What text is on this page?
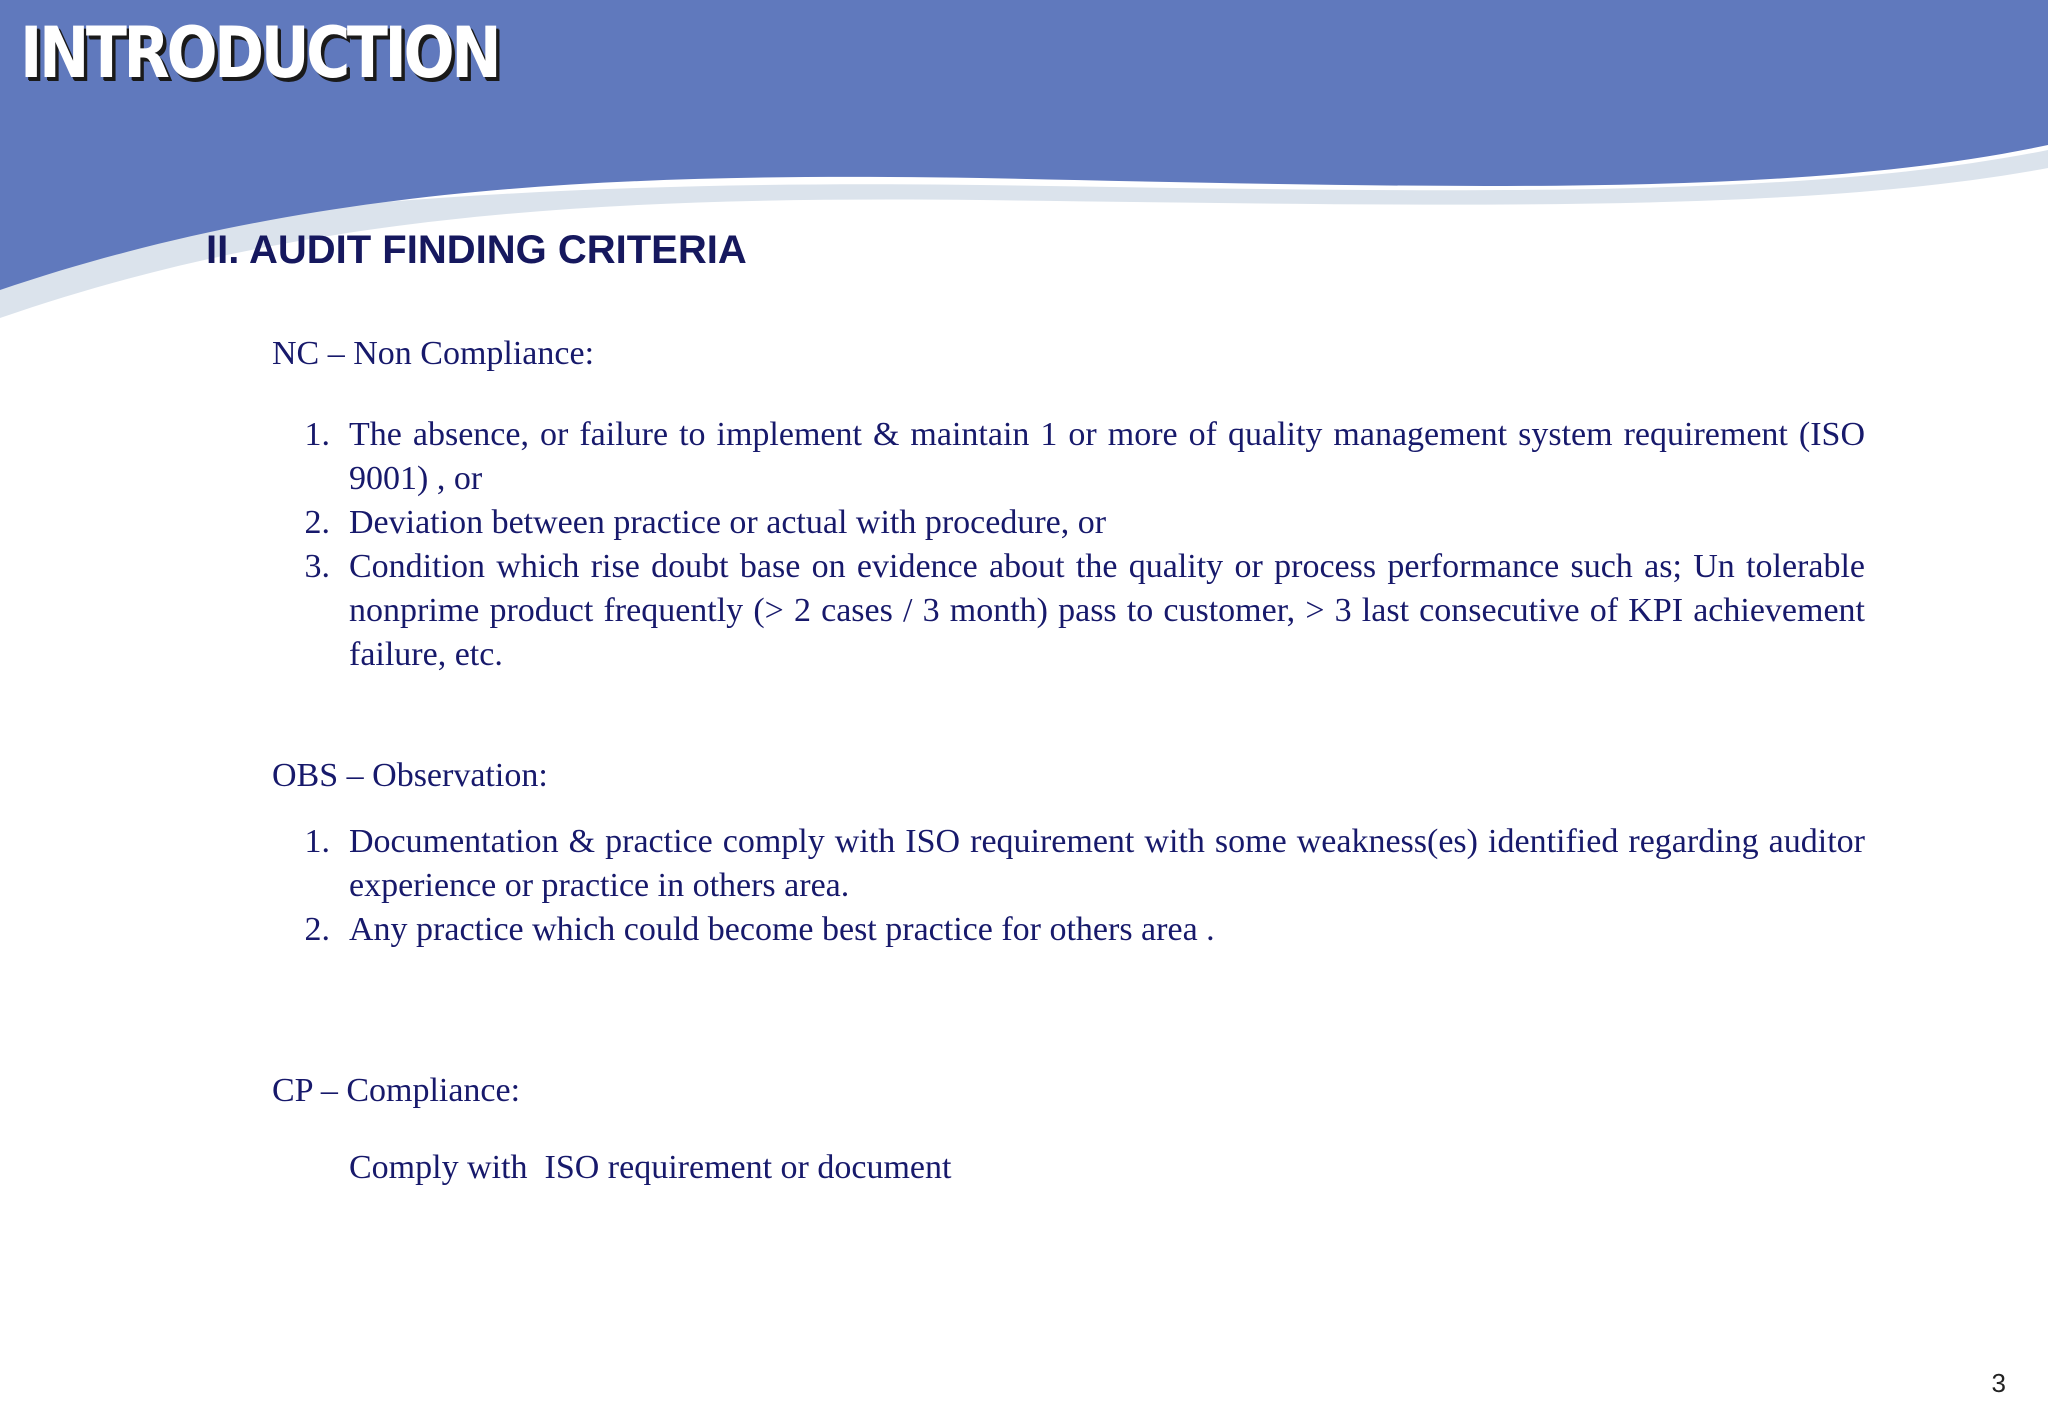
INTRODUCTION
II. AUDIT FINDING CRITERIA

NC – Non Compliance:

1. The absence, or failure to implement & maintain 1 or more of quality management system requirement (ISO 9001) , or
2. Deviation between practice or actual with procedure, or
3. Condition which rise doubt base on evidence about the quality or process performance such as; Un tolerable nonprime product frequently (> 2 cases / 3 month) pass to customer, > 3 last consecutive of KPI achievement failure, etc.

OBS – Observation:

1. Documentation & practice comply with ISO requirement with some weakness(es) identified regarding auditor experience or practice in others area.
2. Any practice which could become best practice for others area .

CP – Compliance:

Comply with  ISO requirement or document

3
